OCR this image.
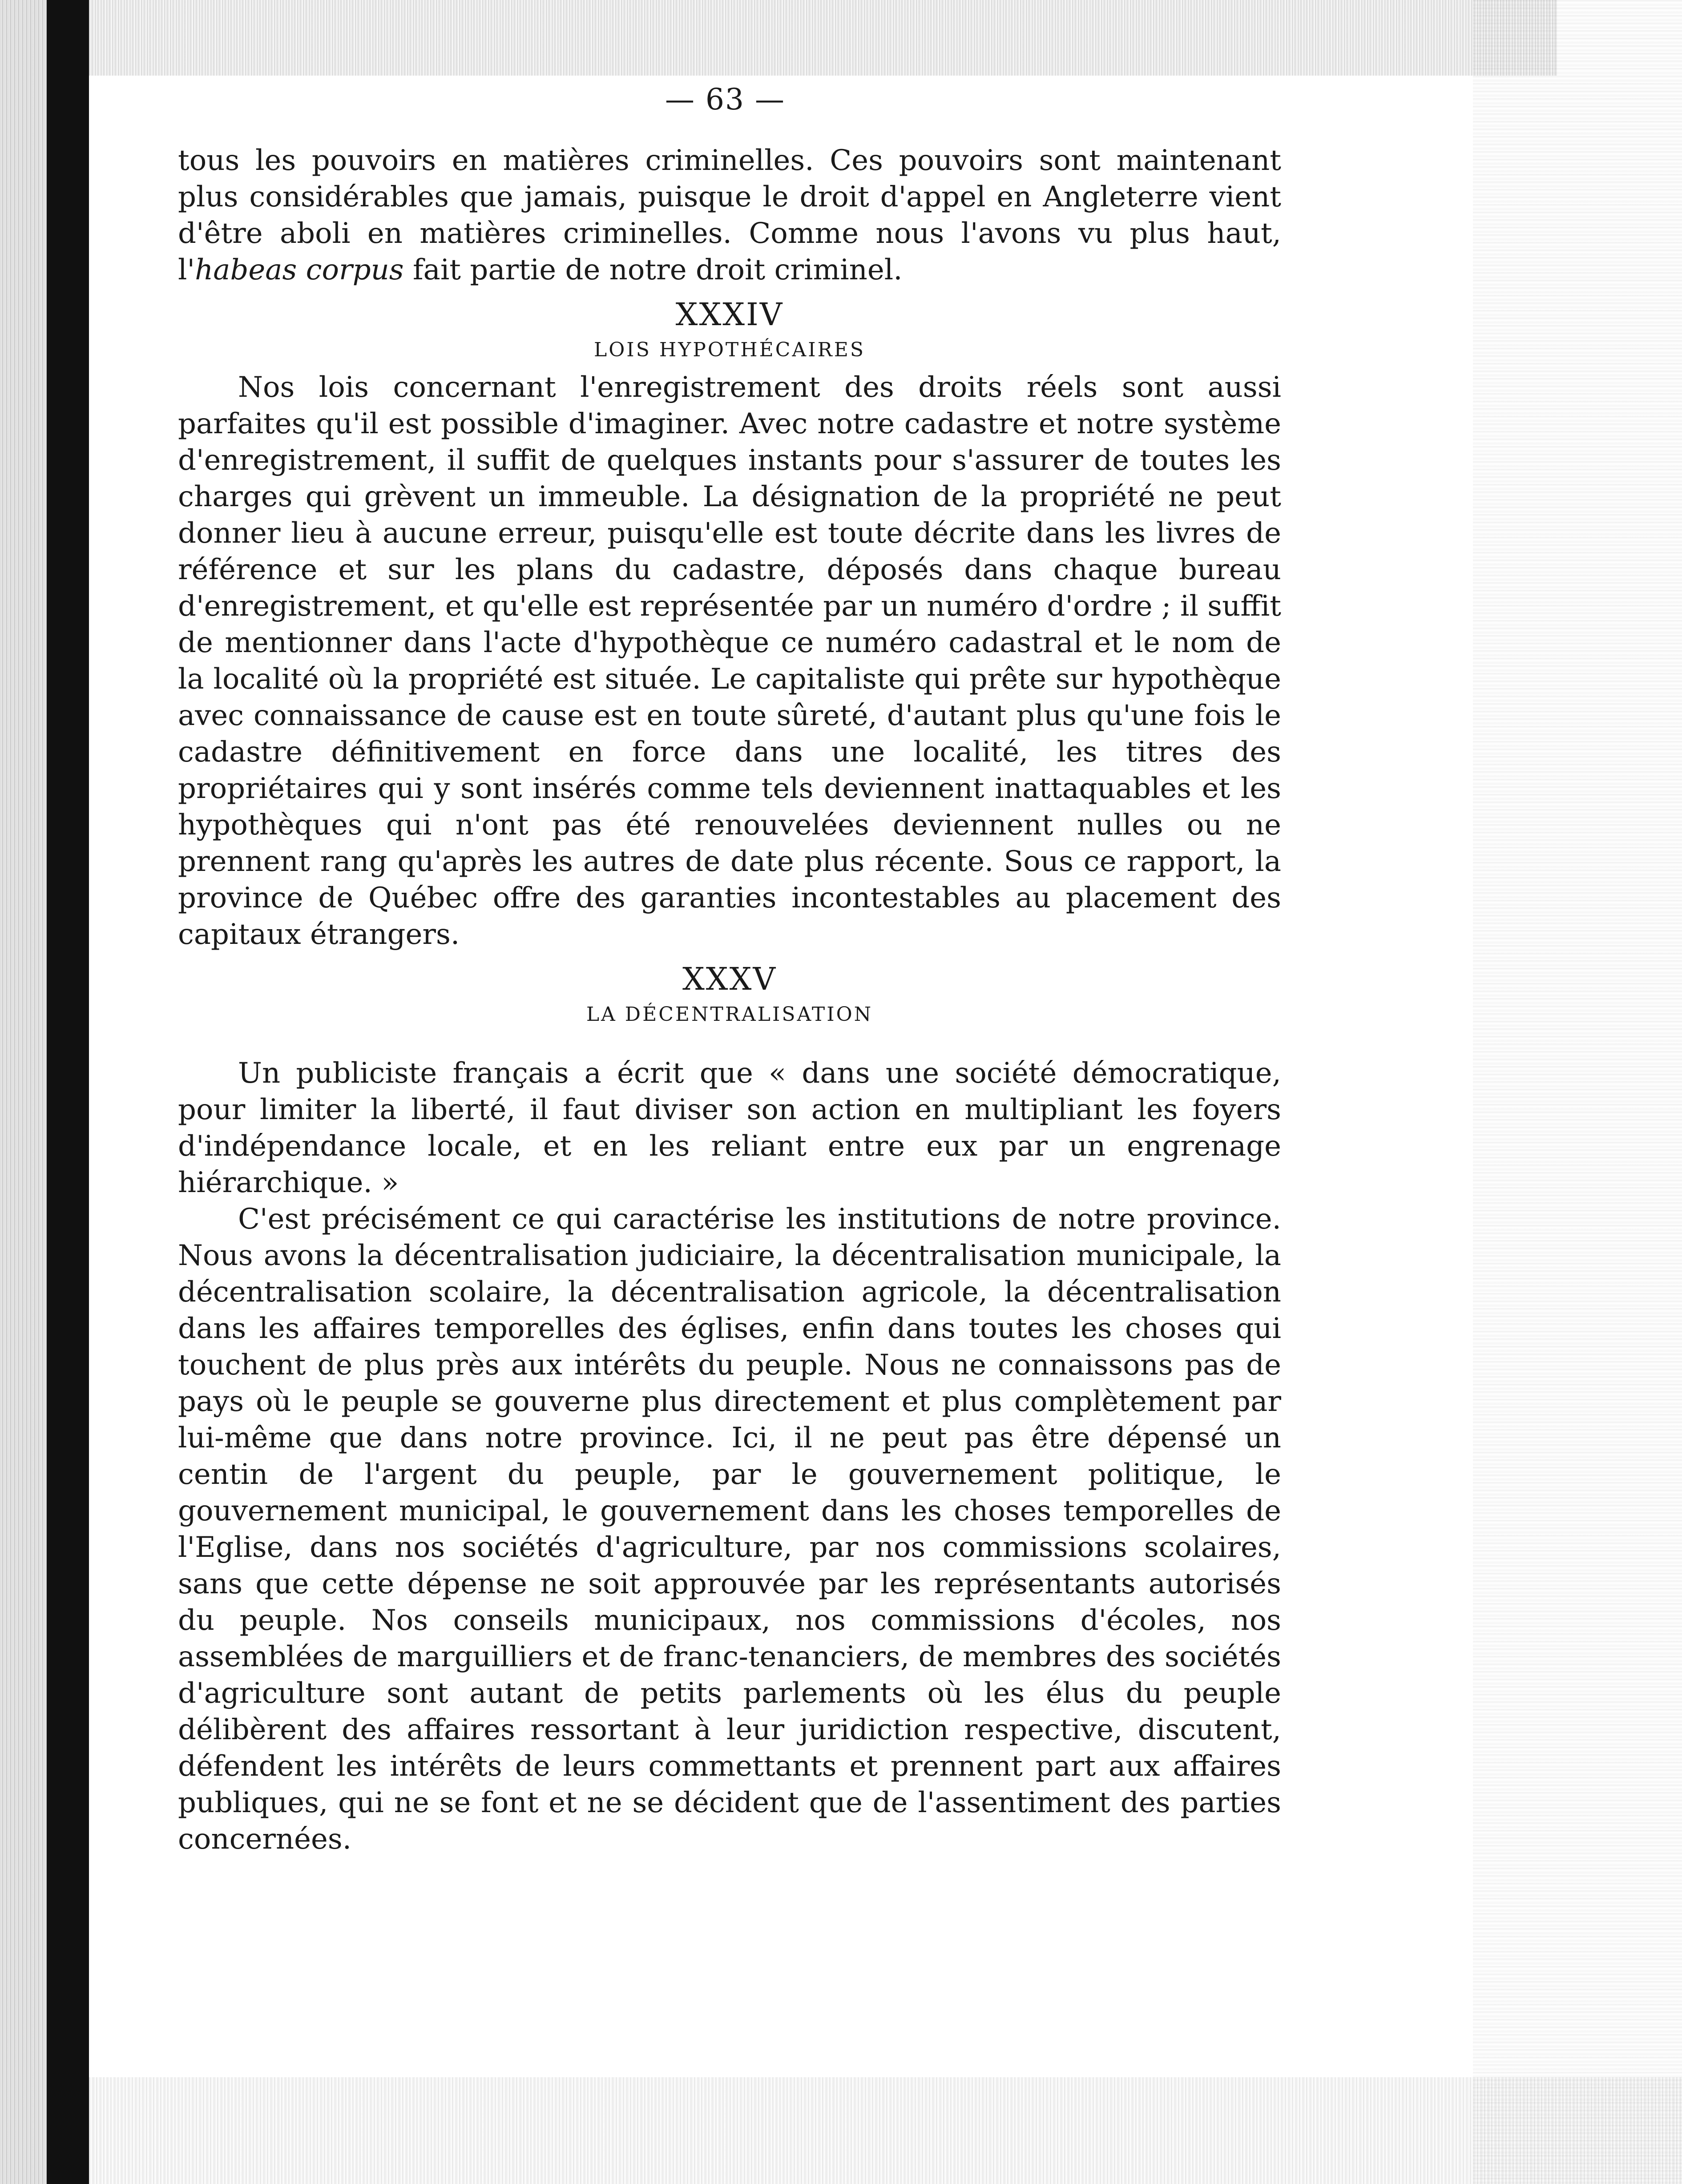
— 63 —

tous les pouvoirs en matières criminelles. Ces pouvoirs sont maintenant plus considérables que jamais, puisque le droit d'appel en Angleterre vient d'être aboli en matières criminelles. Comme nous l'avons vu plus haut, l'habeas corpus fait partie de notre droit criminel.

XXXIV
LOIS HYPOTHÉCAIRES

Nos lois concernant l'enregistrement des droits réels sont aussi parfaites qu'il est possible d'imaginer. Avec notre cadastre et notre système d'enregistrement, il suffit de quelques instants pour s'assurer de toutes les charges qui grèvent un immeuble. La désignation de la propriété ne peut donner lieu à aucune erreur, puisqu'elle est toute décrite dans les livres de référence et sur les plans du cadastre, déposés dans chaque bureau d'enregistrement, et qu'elle est représentée par un numéro d'ordre ; il suffit de mentionner dans l'acte d'hypothèque ce numéro cadastral et le nom de la localité où la propriété est située. Le capitaliste qui prête sur hypothèque avec connaissance de cause est en toute sûreté, d'autant plus qu'une fois le cadastre définitivement en force dans une localité, les titres des propriétaires qui y sont insérés comme tels deviennent inattaquables et les hypothèques qui n'ont pas été renouvelées deviennent nulles ou ne prennent rang qu'après les autres de date plus récente. Sous ce rapport, la province de Québec offre des garanties incontestables au placement des capitaux étrangers.

XXXV
LA DÉCENTRALISATION

Un publiciste français a écrit que « dans une société démocratique, pour limiter la liberté, il faut diviser son action en multipliant les foyers d'indépendance locale, et en les reliant entre eux par un engrenage hiérarchique. »

C'est précisément ce qui caractérise les institutions de notre province. Nous avons la décentralisation judiciaire, la décentralisation municipale, la décentralisation scolaire, la décentralisation agricole, la décentralisation dans les affaires temporelles des églises, enfin dans toutes les choses qui touchent de plus près aux intérêts du peuple. Nous ne connaissons pas de pays où le peuple se gouverne plus directement et plus complètement par lui-même que dans notre province. Ici, il ne peut pas être dépensé un centin de l'argent du peuple, par le gouvernement politique, le gouvernement municipal, le gouvernement dans les choses temporelles de l'Eglise, dans nos sociétés d'agriculture, par nos commissions scolaires, sans que cette dépense ne soit approuvée par les représentants autorisés du peuple. Nos conseils municipaux, nos commissions d'écoles, nos assemblées de marguilliers et de franc-tenanciers, de membres des sociétés d'agriculture sont autant de petits parlements où les élus du peuple délibèrent des affaires ressortant à leur juridiction respective, discutent, défendent les intérêts de leurs commettants et prennent part aux affaires publiques, qui ne se font et ne se décident que de l'assentiment des parties concernées.
